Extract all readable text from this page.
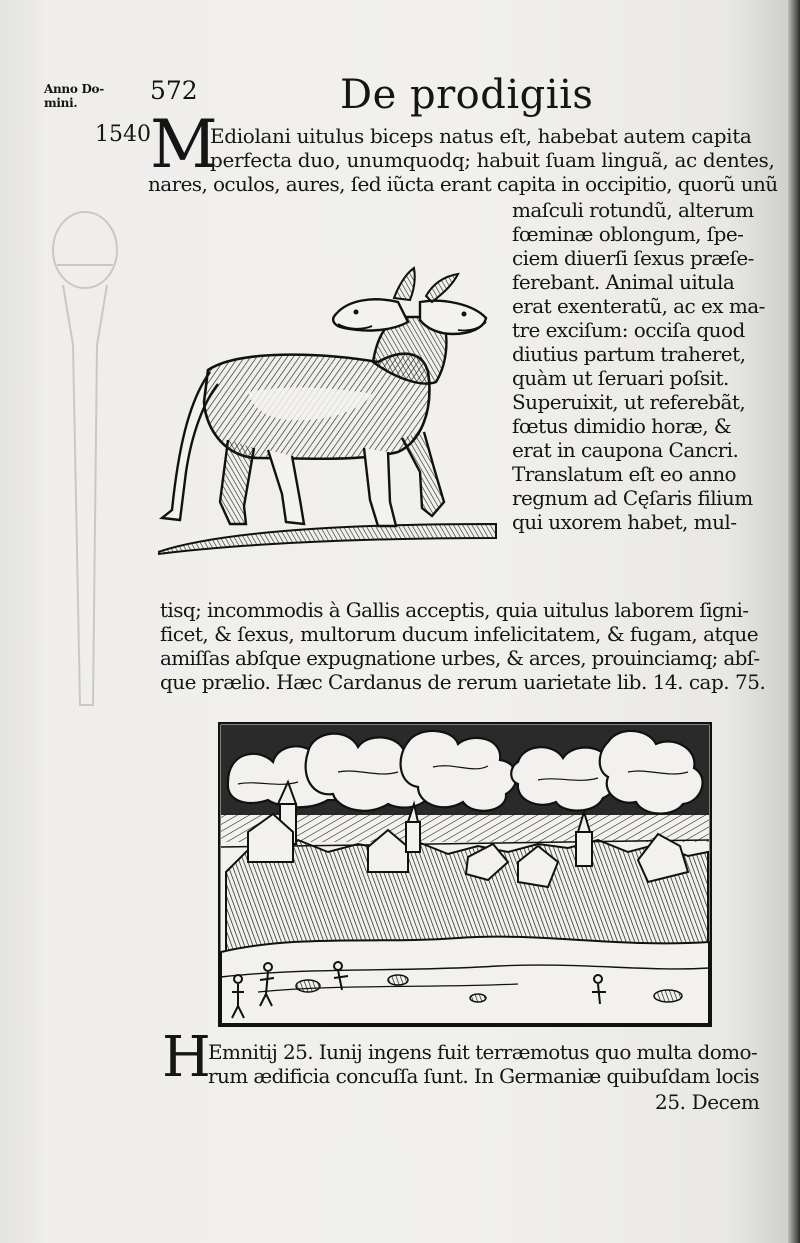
Anno Do-
mini.	572	De prodigiis
1540 M
Ediolani uitulus biceps natus eſt, habebat autem capita
perfecta duo, unumquodq; habuit ſuam linguã, ac dentes,
nares, oculos, aures, ſed iũcta erant capita in occipitio, quorũ unũ
maſculi rotundũ, alterum
fœminæ oblongum, ſpe-
ciem diuerſi ſexus præſe-
ferebant. Animal uitula
erat exenteratũ, ac ex ma-
tre exciſum: occiſa quod
diutius partum traheret,
quàm ut ſeruari poſsit.
Superuixit, ut referebãt,
fœtus dimidio horæ, &
erat in caupona Cancri.
Translatum eſt eo anno
regnum ad Cęſaris filium
qui uxorem habet, mul-
tisq; incommodis à Gallis acceptis, quia uitulus laborem ſigni-
ficet, & ſexus, multorum ducum infelicitatem, & fugam, atque
amiſſas abſque expugnatione urbes, & arces, prouinciamq; abſ-
que prælio. Hæc Cardanus de rerum uarietate lib. 14. cap. 75.
H
Emnitij 25. Iunij ingens fuit terræmotus quo multa domo-
rum ædificia concuſſa ſunt. In Germaniæ quibuſdam locis
25. Decem
